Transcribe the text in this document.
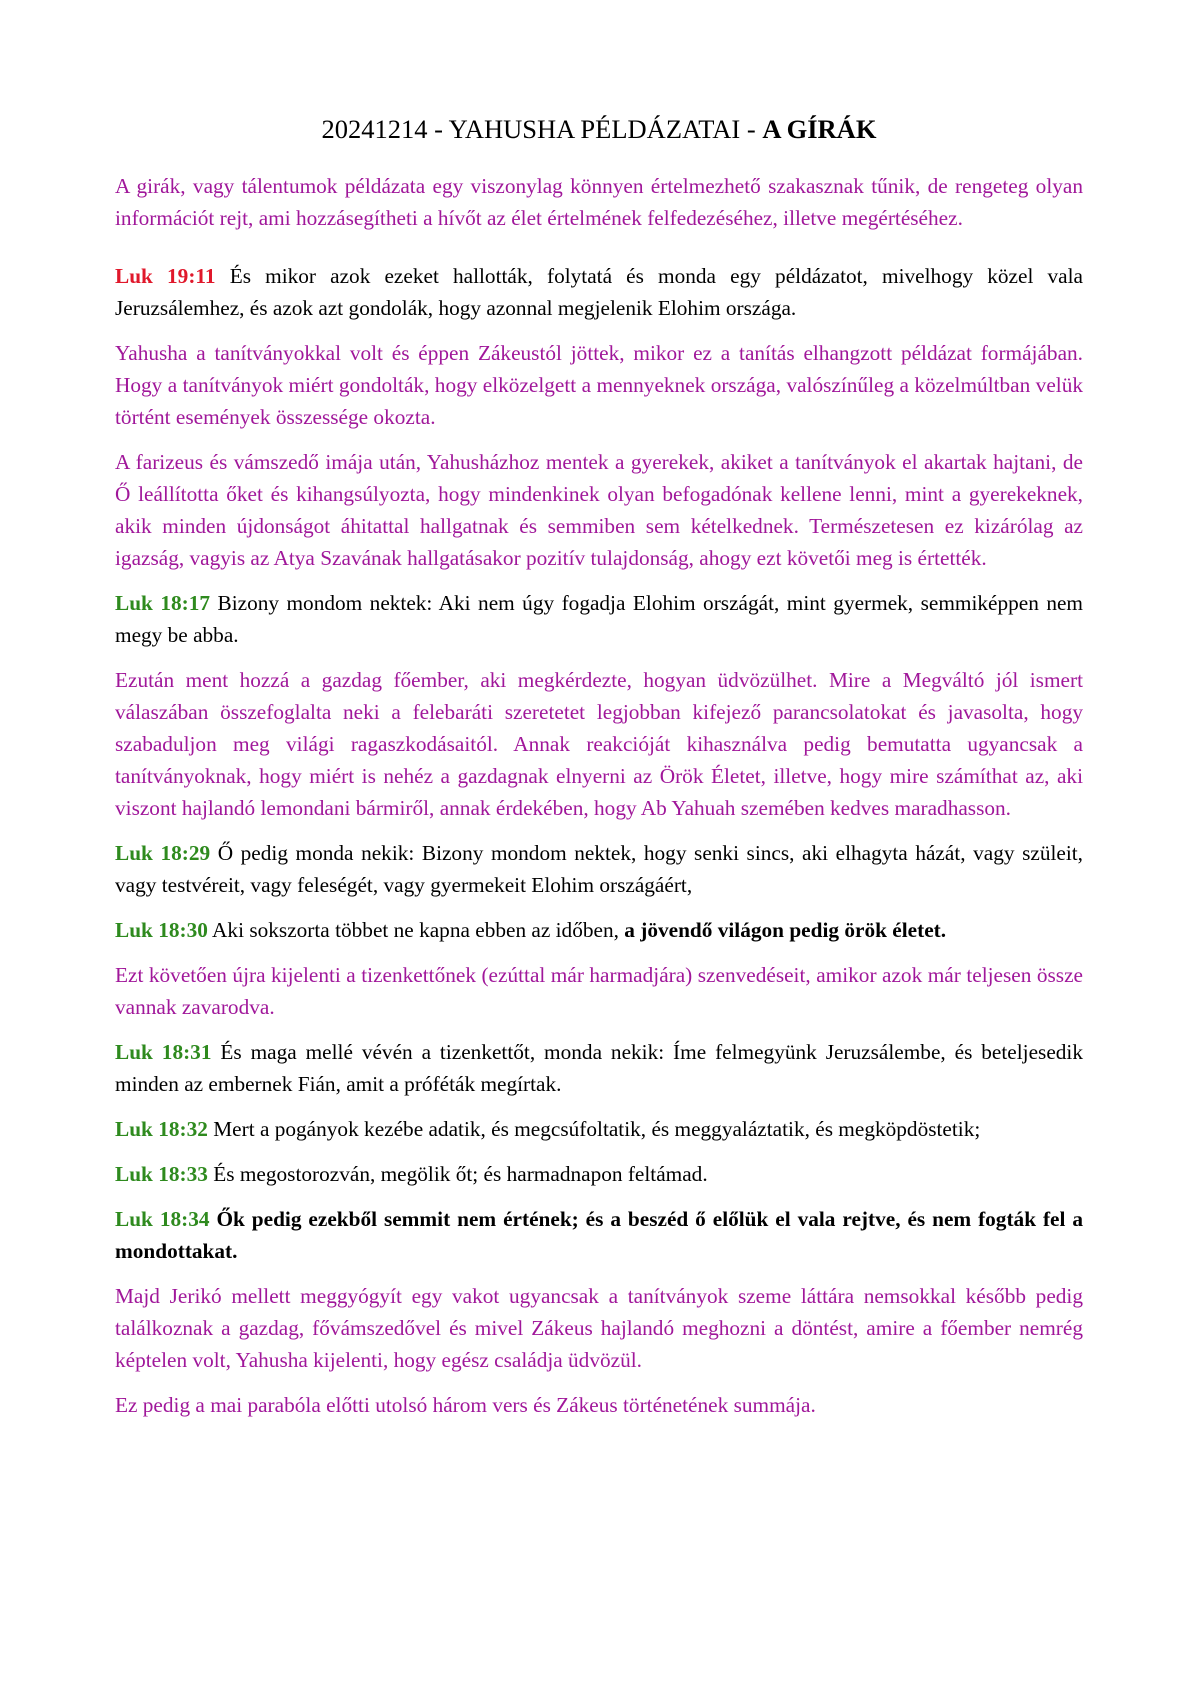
20241214 - YAHUSHA PÉLDÁZATAI - A GÍRÁK

A girák, vagy tálentumok példázata egy viszonylag könnyen értelmezhető szakasznak tűnik, de rengeteg olyan információt rejt, ami hozzásegítheti a hívőt az élet értelmének felfedezéséhez, illetve megértéséhez.

Luk 19:11 És mikor azok ezeket hallották, folytatá és monda egy példázatot, mivelhogy közel vala Jeruzsálemhez, és azok azt gondolák, hogy azonnal megjelenik Elohim országa.

Yahusha a tanítványokkal volt és éppen Zákeustól jöttek, mikor ez a tanítás elhangzott példázat formájában. Hogy a tanítványok miért gondolták, hogy elközelgett a mennyeknek országa, valószínűleg a közelmúltban velük történt események összessége okozta.

A farizeus és vámszedő imája után, Yahusházhoz mentek a gyerekek, akiket a tanítványok el akartak hajtani, de Ő leállította őket és kihangsúlyozta, hogy mindenkinek olyan befogadónak kellene lenni, mint a gyerekeknek, akik minden újdonságot áhitattal hallgatnak és semmiben sem kételkednek. Természetesen ez kizárólag az igazság, vagyis az Atya Szavának hallgatásakor pozitív tulajdonság, ahogy ezt követői meg is értették.

Luk 18:17 Bizony mondom nektek: Aki nem úgy fogadja Elohim országát, mint gyermek, semmiképpen nem megy be abba.

Ezután ment hozzá a gazdag főember, aki megkérdezte, hogyan üdvözülhet. Mire a Megváltó jól ismert válaszában összefoglalta neki a felebaráti szeretetet legjobban kifejező parancsolatokat és javasolta, hogy szabaduljon meg világi ragaszkodásaitól. Annak reakcióját kihasználva pedig bemutatta ugyancsak a tanítványoknak, hogy miért is nehéz a gazdagnak elnyerni az Örök Életet, illetve, hogy mire számíthat az, aki viszont hajlandó lemondani bármiről, annak érdekében, hogy Ab Yahuah szemében kedves maradhasson.

Luk 18:29 Ő pedig monda nekik: Bizony mondom nektek, hogy senki sincs, aki elhagyta házát, vagy szüleit, vagy testvéreit, vagy feleségét, vagy gyermekeit Elohim országáért,

Luk 18:30 Aki sokszorta többet ne kapna ebben az időben, a jövendő világon pedig örök életet.

Ezt követően újra kijelenti a tizenkettőnek (ezúttal már harmadjára) szenvedéseit, amikor azok már teljesen össze vannak zavarodva.

Luk 18:31 És maga mellé vévén a tizenkettőt, monda nekik: Íme felmegyünk Jeruzsálembe, és beteljesedik minden az embernek Fián, amit a próféták megírtak.

Luk 18:32 Mert a pogányok kezébe adatik, és megcsúfoltatik, és meggyaláztatik, és megköpdöstetik;

Luk 18:33 És megostorozván, megölik őt; és harmadnapon feltámad.

Luk 18:34 Ők pedig ezekből semmit nem értének; és a beszéd ő előlük el vala rejtve, és nem fogták fel a mondottakat.

Majd Jerikó mellett meggyógyít egy vakot ugyancsak a tanítványok szeme láttára nemsokkal később pedig találkoznak a gazdag, fővámszedővel és mivel Zákeus hajlandó meghozni a döntést, amire a főember nemrég képtelen volt, Yahusha kijelenti, hogy egész családja üdvözül.

Ez pedig a mai parabóla előtti utolsó három vers és Zákeus történetének summája.
